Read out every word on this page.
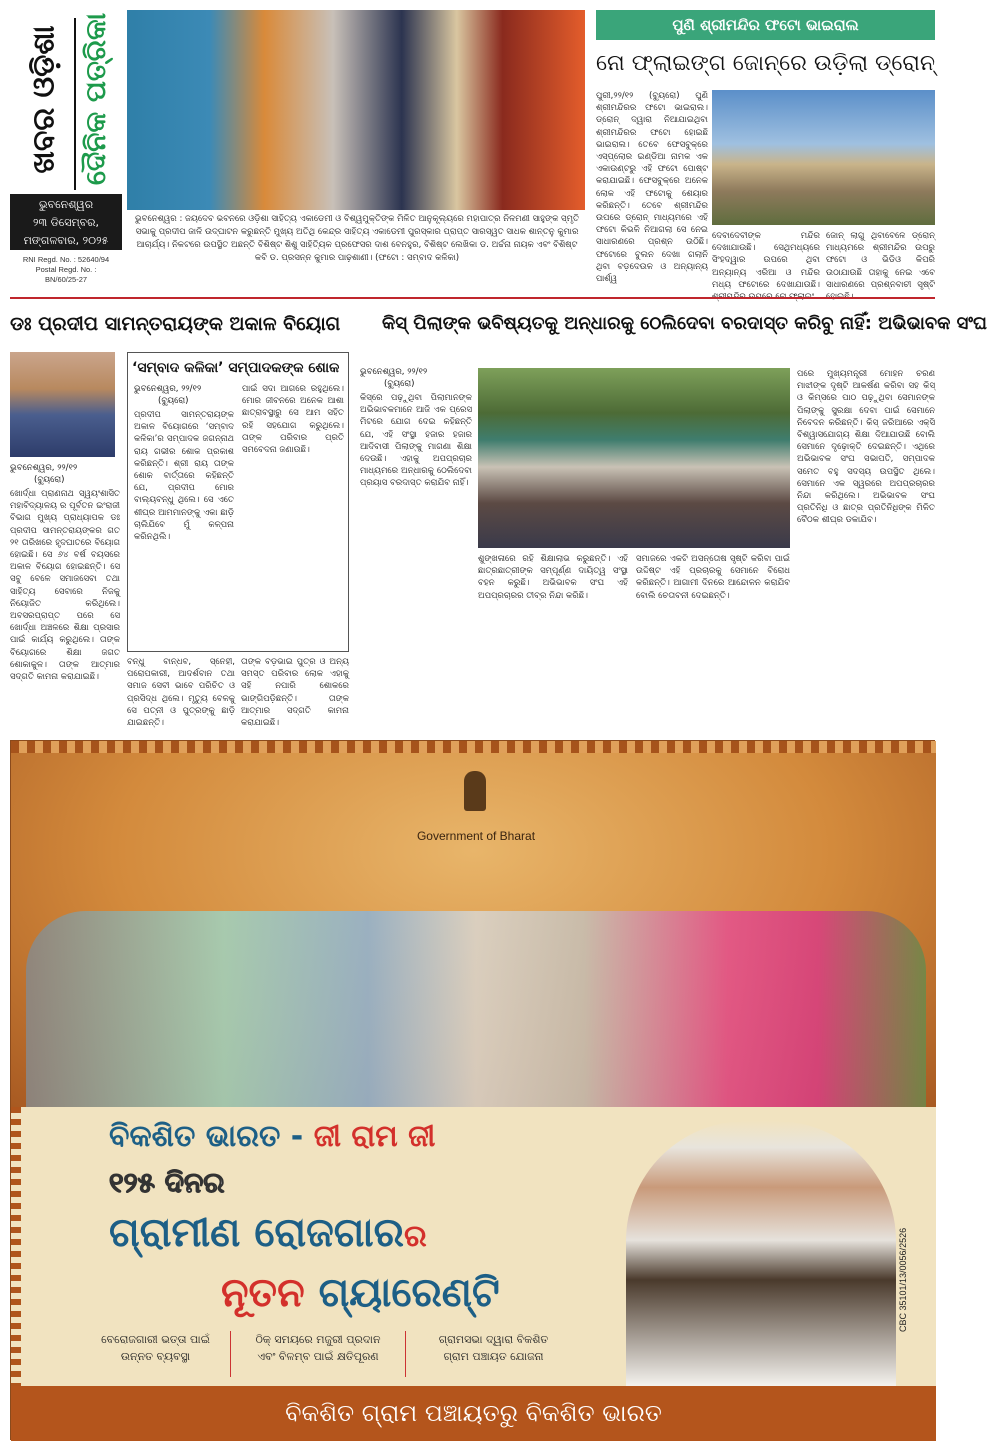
ଖବର ଓଡ଼ିଶା ଦୈନିକ ପତ୍ରିକା
ଭୁବନେଶ୍ୱର
୨୩ ଡିସେମ୍ବର,
ମଙ୍ଗଳବାର, ୨୦୨୫
RNI Regd. No. : 52640/94
Postal Regd. No. :
BN/60/25-27
ଭୁବନେଶ୍ୱର : ଜୟଦେବ ଭବନରେ ଓଡ଼ିଶା ସାହିତ୍ୟ ଏକାଡେମୀ ଓ ବିଶ୍ୱମୁକ୍ତିଙ୍କ ମିଳିତ ଆନୁକୂଲ୍ୟରେ ମହାପାତ୍ର ନିଳମଣୀ ସାହୁଙ୍କ ସ୍ମୃତି ସଭାକୁ ପ୍ରଦୀପ ଜାଳି ଉଦ୍‌ଘାଟନ କରୁଛନ୍ତି ମୁଖ୍ୟ ଅତିଥି କେନ୍ଦ୍ର ସାହିତ୍ୟ ଏକାଡେମୀ ପୁରସ୍କାର ପ୍ରାପ୍ତ ସାରସ୍ୱତ ସାଧକ ଶାନ୍ତନୁ କୁମାର ଆଚାର୍ଯ୍ୟ। ନିକଟରେ ଉପସ୍ଥିତ ଅଛନ୍ତି ବିଶିଷ୍ଟ ଶିଶୁ ସାହିତ୍ୟିକ ପ୍ରଫେସର ଦାଶ ବେନହୁର, ବିଶିଷ୍ଟ ଲେଖିକା ଡ. ଅର୍ଚ୍ଚନା ନାୟକ ଏବଂ ବିଶିଷ୍ଟ କବି ଡ. ପ୍ରସନ୍ନ କୁମାର ପାଢ଼ଶାଣୀ। (ଫଟୋ : ସମ୍ବାଦ କଳିକା)
ପୁଣି ଶ୍ରୀମନ୍ଦିର ଫଟୋ ଭାଇରାଲ
ନୋ ଫ୍ଲାଇଙ୍ଗ ଜୋନ୍‌ରେ ଉଡ଼ିଲା ଡ୍ରୋନ୍
ପୁରୀ,୨୨/୧୨ (ବ୍ୟୁରୋ) ପୁଣି ଶ୍ରୀମନ୍ଦିରର ଫଟୋ ଭାଇରାଲ। ଡ୍ରୋନ୍ ଦ୍ୱାରା ନିଆଯାଇଥିବା ଶ୍ରୀମନ୍ଦିରର ଫଟୋ ହୋଇଛି ଭାଇରାଲ। ତେବେ ଫେସବୁକ୍‌ରେ ଏସ୍‌ପ୍ଲୋର ଇଣ୍ଡିଆ ନାମକ ଏକ ଏକାଉଣ୍ଟରୁ ଏହି ଫଟୋ ପୋଷ୍ଟ କରାଯାଇଛି। ଫେସବୁକ୍‌ରେ ଅନେକ ଲୋକ ଏହି ଫଟୋକୁ ଶେୟାର କରିଛନ୍ତି। ତେବେ ଶ୍ରୀମନ୍ଦିର ଉପରେ ଡ୍ରୋନ୍ ମାଧ୍ୟମରେ ଏହି ଫଟୋ କିଭଳି ନିଆଗଲା ସେ ନେଇ ସାଧାରଣରେ ପ୍ରଶ୍ନ ଉଠିଛି। ଫଟୋରେ ବୁଲନ ଦେଖା ଗଲାନି ଥିବା ବଡ଼ଦେଉଳ ଓ ଅନ୍ୟାନ୍ୟ ପାର୍ଶ୍ୱ
ଦେବାଦେବୀଙ୍କ ମନ୍ଦିର ଦେଖାଯାଉଛି। ସେଥିମଧ୍ୟରେ ସିଂହଦ୍ୱାର ଉପରେ ଥିବା ଅନ୍ୟାନ୍ୟ ଏରିଆ ଓ ମନ୍ଦିର ମଧ୍ୟ ଫଟୋରେ ଦେଖାଯାଉଛି।
ଜୋନ୍ ଲାଗୁ ଥିବାବେଳେ ଡ୍ରୋନ୍ ମାଧ୍ୟମରେ ଶ୍ରୀମନ୍ଦିର ଉପରୁ ଫଟୋ ଓ ଭିଡିଓ କିପରି ଉଠାଯାଉଛି ତାହାକୁ ନେଇ ଏବେ ସାଧାରଣରେ ପ୍ରଶ୍ନବାଚୀ ସୃଷ୍ଟି
ଡଃ ପ୍ରଦୀପ ସାମନ୍ତରାୟଙ୍କ ଅକାଳ ବିୟୋଗ	କିସ୍ ପିଲାଙ୍କ ଭବିଷ୍ୟତକୁ ଅନ୍ଧାରକୁ ଠେଲିଦେବା ବରଦାସ୍ତ କରିବୁ ନାହିଁ: ଅଭିଭାବକ ସଂଘ
ଭୁବନେଶ୍ୱର, ୨୨/୧୨
(ବ୍ୟୁରୋ)
ଖୋର୍ଦ୍ଧା ପ୍ରାଣନାଥ ସ୍ୱୟଂଶାସିତ ମହାବିଦ୍ୟାଳୟ ର ପୂର୍ବତନ ଇଂରାଜୀ ବିଭାଗ ମୁଖ୍ୟ ପ୍ରାଧ୍ୟାପକ ଡଃ ପ୍ରଦୀପ ସାମନ୍ତରାୟଙ୍କର ଗତ ୨୧ ତାରିଖରେ ହୃଦଘାତରେ ବିୟୋଗ ହୋଇଛି। ସେ ୬୪ ବର୍ଷ ବୟସରେ ଅକାଳ ବିୟୋଗ ହୋଇଛନ୍ତି। ସେ ସବୁ ବେଳେ ସମାଜସେବା ତଥା ସାହିତ୍ୟ ସେବାରେ ନିଜକୁ ନିୟୋଜିତ କରିଥିଲେ। ଅବସରପ୍ରାପ୍ତ ପରେ ସେ ଖୋର୍ଦ୍ଧା ଅଞ୍ଚଳରେ ଶିକ୍ଷା ପ୍ରସାର ପାଇଁ କାର୍ଯ୍ୟ କରୁଥିଲେ। ତାଙ୍କ ବିୟୋଗରେ ଶିକ୍ଷା ଜଗତ ଶୋକାକୁଳ। ତାଙ୍କ ଆତ୍ମାର ସଦ୍‌ଗତି କାମନା କରାଯାଇଛି।
‘ସମ୍ବାଦ କଳିକା’ ସମ୍ପାଦକଙ୍କ ଶୋକ
ଭୁବନେଶ୍ୱର, ୨୨/୧୨
(ବ୍ୟୁରୋ)
ପ୍ରଦୀପ ସାମନ୍ତରାୟଙ୍କ ଅକାଳ ବିୟୋଗରେ ‘ସମ୍ବାଦ କଳିକା’ର ସମ୍ପାଦକ ଜଗନ୍ନାଥ ରାୟ ଗଭୀର ଶୋକ ପ୍ରକାଶ କରିଛନ୍ତି। ଶ୍ରୀ ରାୟ ତାଙ୍କ ଶୋକ ବାର୍ତ୍ତାରେ କହିଛନ୍ତି ଯେ, ପ୍ରଦୀପ ମୋର ବାଲ୍ୟବନ୍ଧୁ ଥିଲେ। ସେ ଏତେ ଶୀଘ୍ର ଆମମାନଙ୍କୁ ଏକା ଛାଡ଼ି ଚାଲିଯିବେ ମୁଁ କଳ୍ପନା କରିନଥିଲି।
ପାଇଁ ସଦା ଆଗରେ ରହୁଥିଲେ। ମୋର ଜୀବନରେ ଅନେକ ଆଶା ଛାତ୍ରାବସ୍ଥାରୁ ସେ ଆମ ସହିତ ରହି ସହଯୋଗ କରୁଥିଲେ। ତାଙ୍କ ପରିବାର ପ୍ରତି ସମବେଦନା ଜଣାଉଛି।
ବନ୍ଧୁ ବାନ୍ଧବ, ସ୍ନେହୀ, ପରୋପକାରୀ, ଆଦର୍ଶବାନ ତଥା ସମାଜ ସେବୀ ଭାବେ ପରିଚିତ ଓ ପ୍ରସିଦ୍ଧ ଥିଲେ। ମୃତ୍ୟୁ ବେଳକୁ ସେ ପତ୍ନୀ ଓ ପୁତ୍ରଙ୍କୁ ଛାଡ଼ି ଯାଇଛନ୍ତି।
ତାଙ୍କ ବଡ଼ଭାଇ ପୁତ୍ର ଓ ଅନ୍ୟ ସମସ୍ତ ପରିବାର ଲୋକ ଏହାକୁ ସହି ନପାରି ଶୋକରେ ଭାଙ୍ଗିପଡ଼ିଛନ୍ତି। ତାଙ୍କ ଆତ୍ମାର ସଦ୍‌ଗତି କାମନା କରାଯାଇଛି।
ଭୁବନେଶ୍ୱର, ୨୨/୧୨
(ବ୍ୟୁରୋ)
କିସ୍‌ରେ ପଢ଼ୁଥିବା ପିଲାମାନଙ୍କ ଅଭିଭାବକମାନେ ଆଜି ଏକ ପ୍ରେସ ମିଟରେ ଯୋଗ ଦେଇ କହିଛନ୍ତି ଯେ, ଏହି ସଂସ୍ଥା ହଜାର ହଜାର ଆଦିବାସୀ ପିଲାଙ୍କୁ ମାଗଣା ଶିକ୍ଷା ଦେଉଛି। ଏହାକୁ ଅପପ୍ରଚାର ମାଧ୍ୟମରେ ଅନ୍ଧାରକୁ ଠେଲିଦେବା ପ୍ରୟାସ ବରଦାସ୍ତ କରାଯିବ ନାହିଁ।
ଶୁଙ୍ଖଳାରେ ରହି ଶିକ୍ଷାଲାଭ କରୁଛନ୍ତି। ଏହି ଛାତ୍ରଛାତ୍ରୀଙ୍କ ସମ୍ପୂର୍ଣ୍ଣ ଦାୟିତ୍ୱ ସଂସ୍ଥା ବହନ କରୁଛି। ଅଭିଭାବକ ସଂଘ ଏହି ଅପପ୍ରଚାରର ତୀବ୍ର ନିନ୍ଦା କରିଛି।
ସମାଜରେ ଏକଟି ଅସନ୍ତୋଷ ସୃଷ୍ଟି କରିବା ପାଇଁ ଉଦ୍ଦିଷ୍ଟ ଏହି ପ୍ରଚାରକୁ ସେମାନେ ବିରୋଧ କରିଛନ୍ତି। ଆଗାମୀ ଦିନରେ ଆନ୍ଦୋଳନ କରାଯିବ ବୋଲି ଚେତାବନୀ ଦେଇଛନ୍ତି।
ପରେ ମୁଖ୍ୟମନ୍ତ୍ରୀ ମୋହନ ଚରଣ ମାଝୀଙ୍କ ଦୃଷ୍ଟି ଆକର୍ଷଣ କରିବା ସହ କିସ୍ ଓ କିମ୍ସରେ ପାଠ ପଢ଼ୁଥିବା ସେମାନଙ୍କ ପିଲାଙ୍କୁ ସୁରକ୍ଷା ଦେବା ପାଇଁ ସେମାନେ ନିବେଦନ କରିଛନ୍ତି। କିସ୍ ଜରିଆରେ ଏକ୍ସି ବିଶ୍ୱାସଯୋଗ୍ୟ ଶିକ୍ଷା ଦିଆଯାଉଛି ବୋଲି ସେମାନେ ଦୃଢ଼ୋକ୍ତି ଦେଇଛନ୍ତି। ଏଥିରେ ଅଭିଭାବକ ସଂଘ ସଭାପତି, ସମ୍ପାଦକ ସମେତ ବହୁ ସଦସ୍ୟ ଉପସ୍ଥିତ ଥିଲେ। ସେମାନେ ଏକ ସ୍ୱରରେ ଅପପ୍ରଚାରର ନିନ୍ଦା କରିଥିଲେ। ଅଭିଭାବକ ସଂଘ ପ୍ରତିନିଧି ଓ ଛାତ୍ର ପ୍ରତିନିଧିଙ୍କ ମିଳିତ ବୈଠକ ଶୀଘ୍ର ଡକାଯିବ।
Government of Bharat
ବିକଶିତ ଭାରତ - ଜୀ ରାମ ଜୀ
୧୨୫ ଦିନର
ଗ୍ରାମୀଣ ରୋଜଗାରର
ନୂତନ ଗ୍ୟାରେଣ୍ଟି
ବେରୋଜଗାରୀ ଭତ୍ତା ପାଇଁ
ଉନ୍ନତ ବ୍ୟବସ୍ଥା
ଠିକ୍ ସମୟରେ ମଜୁରୀ ପ୍ରଦାନ
ଏବଂ ବିଳମ୍ବ ପାଇଁ କ୍ଷତିପୂରଣ
ଗ୍ରାମସଭା ଦ୍ୱାରା ବିକଶିତ
ଗ୍ରାମ ପଞ୍ଚାୟତ ଯୋଜନା
CBC 35101/13/0056/2526
ବିକଶିତ ଗ୍ରାମ ପଞ୍ଚାୟତରୁ ବିକଶିତ ଭାରତ
